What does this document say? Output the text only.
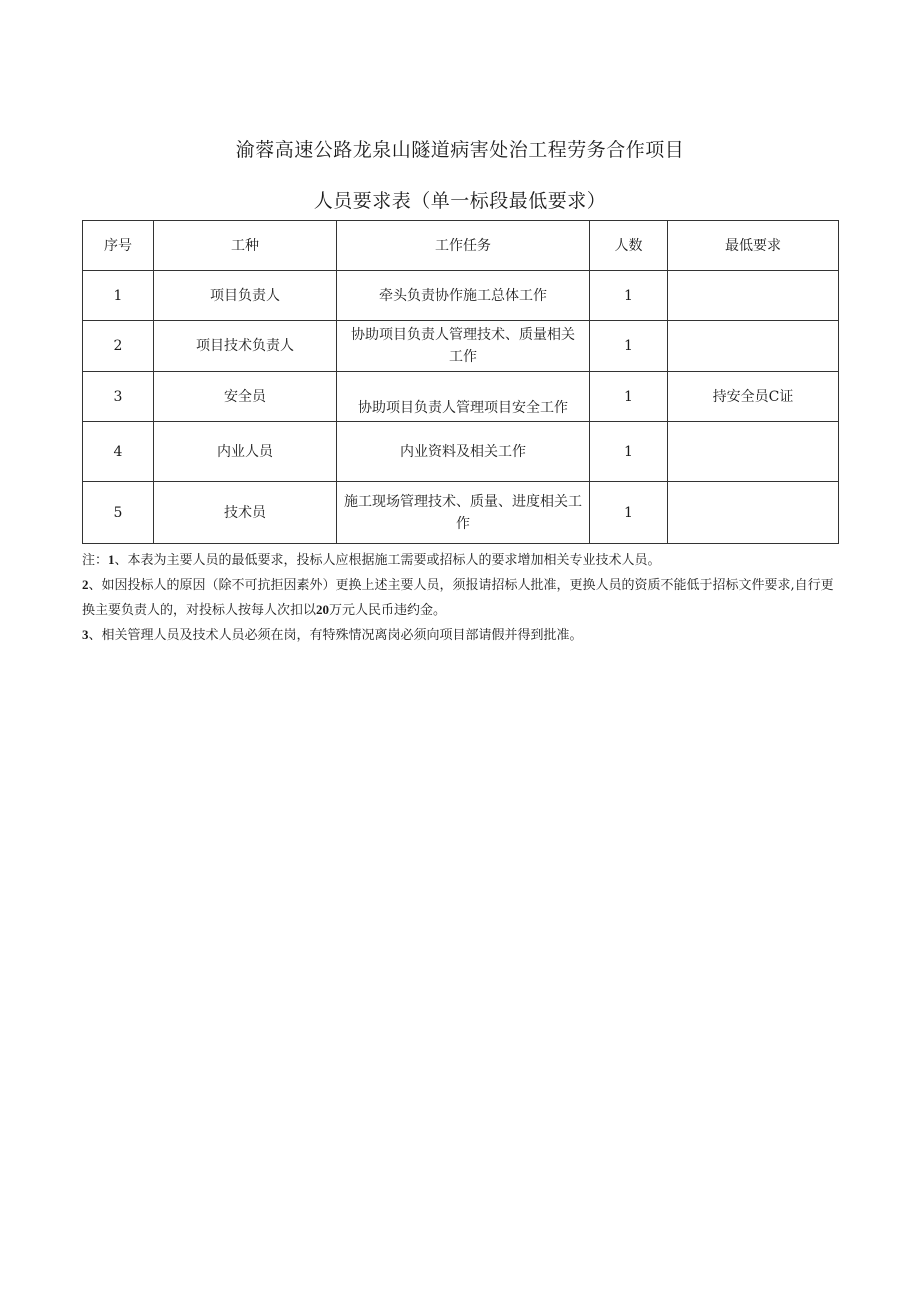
渝蓉高速公路龙泉山隧道病害处治工程劳务合作项目
人员要求表（单一标段最低要求）
序号	工种	工作任务	人数	最低要求
1	项目负责人	牵头负责协作施工总体工作	1	
2	项目技术负责人	协助项目负责人管理技术、质量相关工作	1	
3	安全员	协助项目负责人管理项目安全工作	1	持安全员C证
4	内业人员	内业资料及相关工作	1	
5	技术员	施工现场管理技术、质量、进度相关工作	1	

注：1、本表为主要人员的最低要求，投标人应根据施工需要或招标人的要求增加相关专业技术人员。

2、如因投标人的原因（除不可抗拒因素外）更换上述主要人员，须报请招标人批准，更换人员的资质不能低于招标文件要求,自行更换主要负责人的，对投标人按每人次扣以20万元人民币违约金。

3、相关管理人员及技术人员必须在岗，有特殊情况离岗必须向项目部请假并得到批准。
